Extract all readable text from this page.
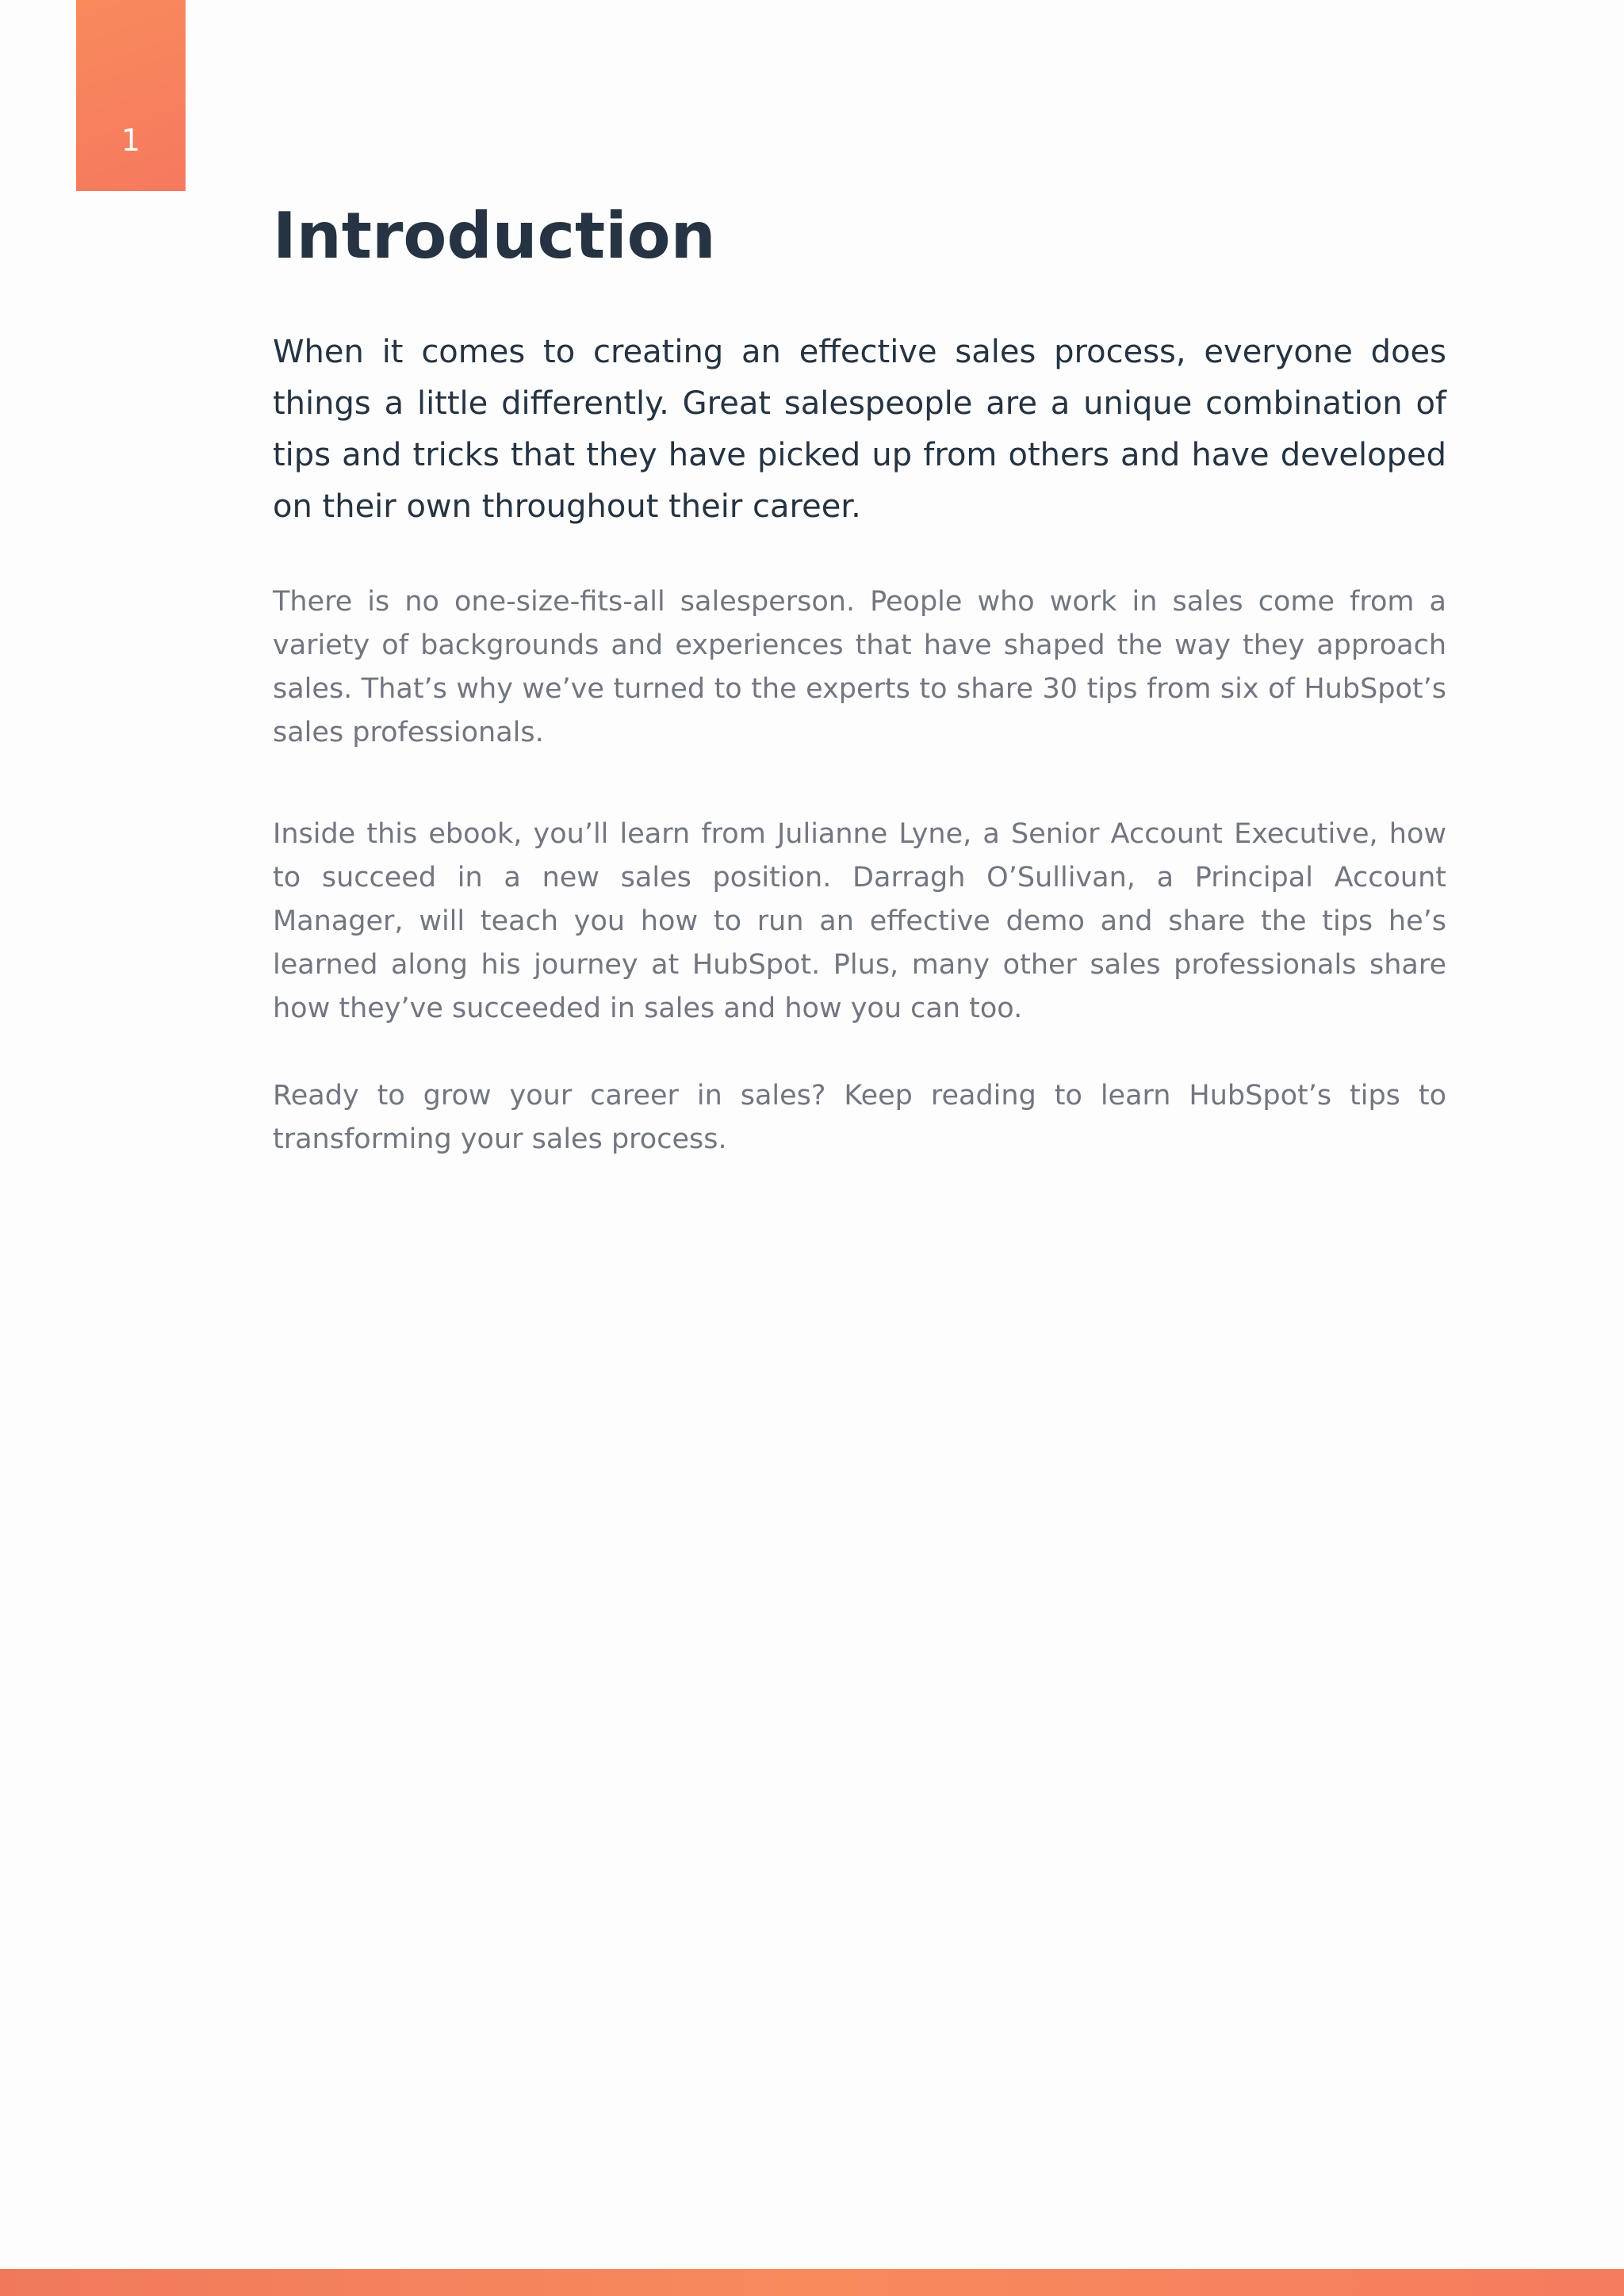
1
Introduction

When it comes to creating an effective sales process, everyone does things a little differently. Great salespeople are a unique combination of tips and tricks that they have picked up from others and have developed on their own throughout their career.

There is no one-size-fits-all salesperson. People who work in sales come from a variety of backgrounds and experiences that have shaped the way they approach sales. That’s why we’ve turned to the experts to share 30 tips from six of HubSpot’s sales professionals.

Inside this ebook, you’ll learn from Julianne Lyne, a Senior Account Executive, how to succeed in a new sales position. Darragh O’Sullivan, a Principal Account Manager, will teach you how to run an effective demo and share the tips he’s learned along his journey at HubSpot. Plus, many other sales professionals share how they’ve succeeded in sales and how you can too.

Ready to grow your career in sales? Keep reading to learn HubSpot’s tips to transforming your sales process.
